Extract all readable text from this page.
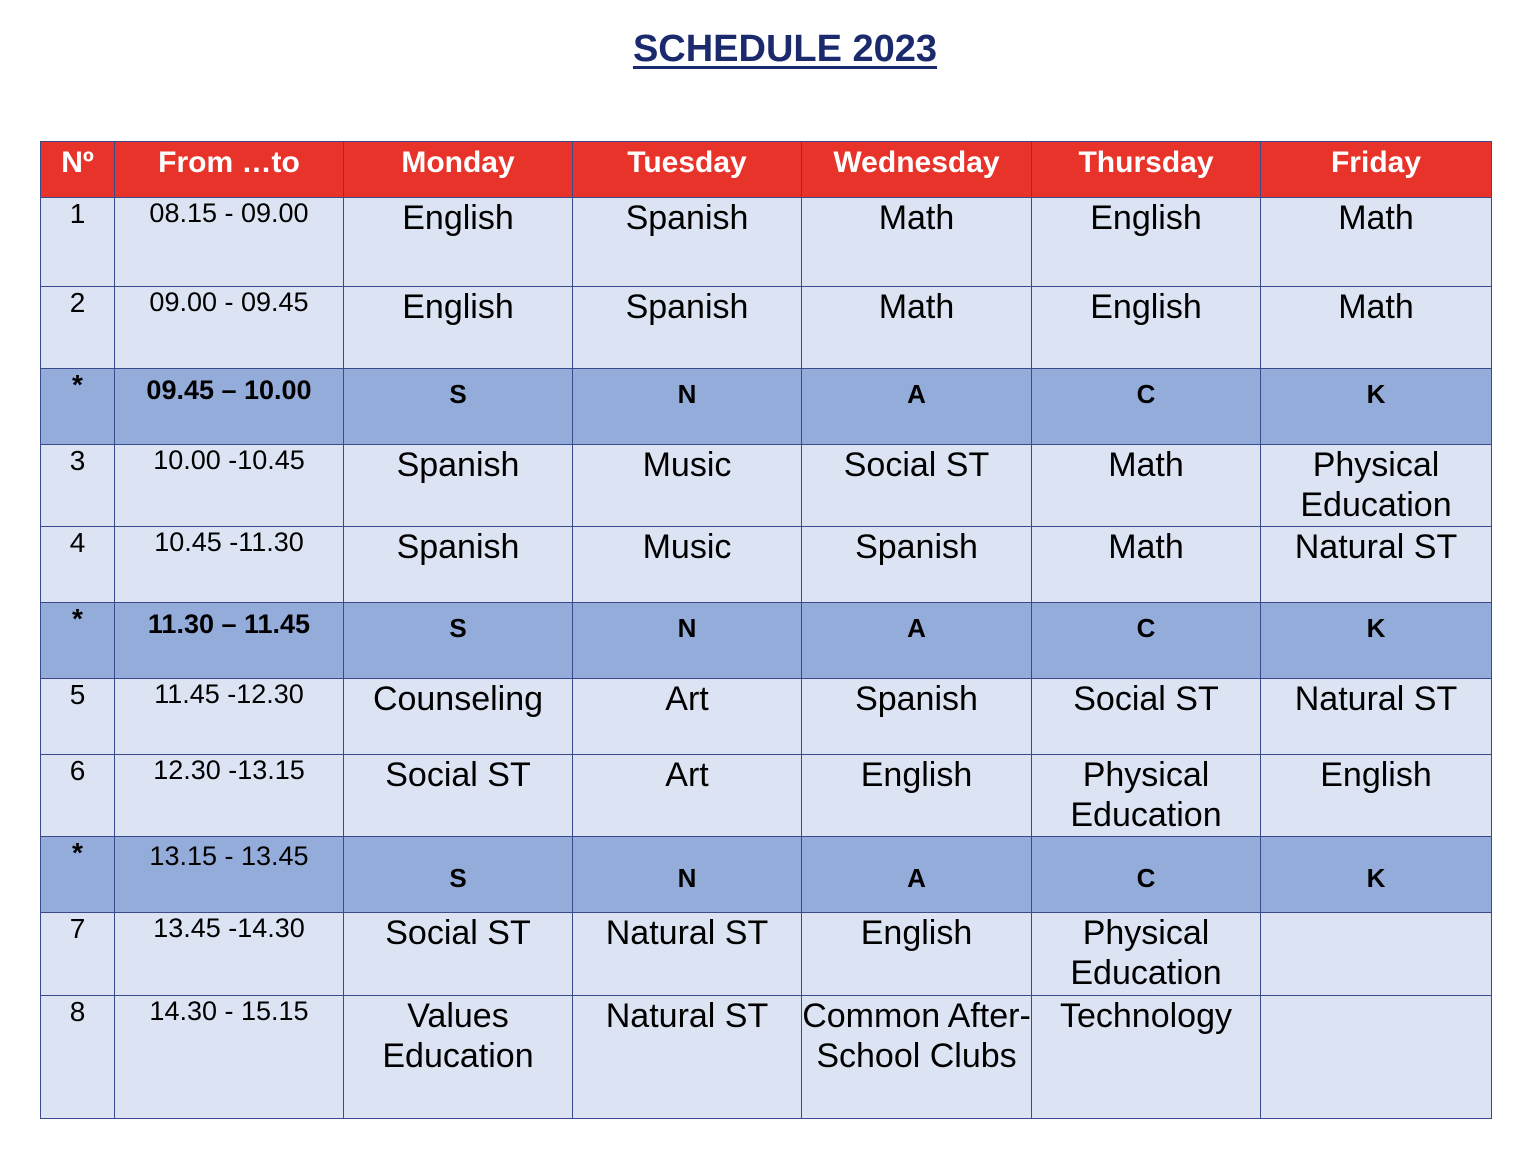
SCHEDULE 2023
Nº	From …to	Monday	Tuesday	Wednesday	Thursday	Friday
1	08.15 - 09.00	English	Spanish	Math	English	Math
2	09.00 - 09.45	English	Spanish	Math	English	Math
*	09.45 – 10.00	S	N	A	C	K
3	10.00 -10.45	Spanish	Music	Social ST	Math	Physical Education
4	10.45 -11.30	Spanish	Music	Spanish	Math	Natural ST
*	11.30 – 11.45	S	N	A	C	K
5	11.45 -12.30	Counseling	Art	Spanish	Social ST	Natural ST
6	12.30 -13.15	Social ST	Art	English	Physical Education	English
*	13.15 - 13.45	S	N	A	C	K
7	13.45 -14.30	Social ST	Natural ST	English	Physical Education	
8	14.30 - 15.15	Values Education	Natural ST	Common After-School Clubs	Technology	
